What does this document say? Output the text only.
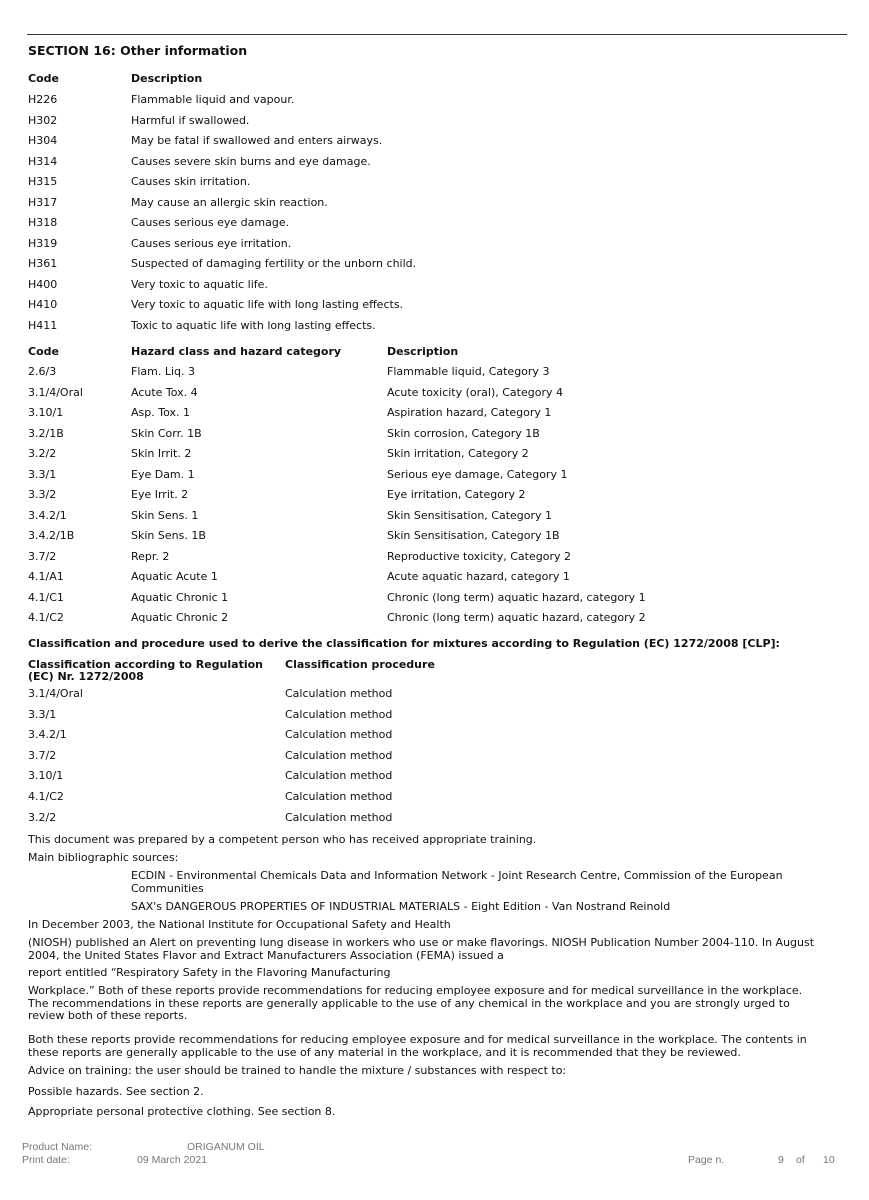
SECTION 16: Other information
Code	Description
H226	Flammable liquid and vapour.
H302	Harmful if swallowed.
H304	May be fatal if swallowed and enters airways.
H314	Causes severe skin burns and eye damage.
H315	Causes skin irritation.
H317	May cause an allergic skin reaction.
H318	Causes serious eye damage.
H319	Causes serious eye irritation.
H361	Suspected of damaging fertility or the unborn child.
H400	Very toxic to aquatic life.
H410	Very toxic to aquatic life with long lasting effects.
H411	Toxic to aquatic life with long lasting effects.
Code	Hazard class and hazard category	Description
2.6/3	Flam. Liq. 3	Flammable liquid, Category 3
3.1/4/Oral	Acute Tox. 4	Acute toxicity (oral), Category 4
3.10/1	Asp. Tox. 1	Aspiration hazard, Category 1
3.2/1B	Skin Corr. 1B	Skin corrosion, Category 1B
3.2/2	Skin Irrit. 2	Skin irritation, Category 2
3.3/1	Eye Dam. 1	Serious eye damage, Category 1
3.3/2	Eye Irrit. 2	Eye irritation, Category 2
3.4.2/1	Skin Sens. 1	Skin Sensitisation, Category 1
3.4.2/1B	Skin Sens. 1B	Skin Sensitisation, Category 1B
3.7/2	Repr. 2	Reproductive toxicity, Category 2
4.1/A1	Aquatic Acute 1	Acute aquatic hazard, category 1
4.1/C1	Aquatic Chronic 1	Chronic (long term) aquatic hazard, category 1
4.1/C2	Aquatic Chronic 2	Chronic (long term) aquatic hazard, category 2
Classification and procedure used to derive the classification for mixtures according to Regulation (EC) 1272/2008 [CLP]:
Classification according to Regulation (EC) Nr. 1272/2008
Classification procedure
3.1/4/Oral	Calculation method
3.3/1	Calculation method
3.4.2/1	Calculation method
3.7/2	Calculation method
3.10/1	Calculation method
4.1/C2	Calculation method
3.2/2	Calculation method
This document was prepared by a competent person who has received appropriate training.
Main bibliographic sources:
ECDIN - Environmental Chemicals Data and Information Network - Joint Research Centre, Commission of the European Communities
SAX's DANGEROUS PROPERTIES OF INDUSTRIAL MATERIALS - Eight Edition - Van Nostrand Reinold
In December 2003, the National Institute for Occupational Safety and Health
(NIOSH) published an Alert on preventing lung disease in workers who use or make flavorings. NIOSH Publication Number 2004-110. In August 2004, the United States Flavor and Extract Manufacturers Association (FEMA) issued a
report entitled “Respiratory Safety in the Flavoring Manufacturing
Workplace.” Both of these reports provide recommendations for reducing employee exposure and for medical surveillance in the workplace. The recommendations in these reports are generally applicable to the use of any chemical in the workplace and you are strongly urged to review both of these reports.
Both these reports provide recommendations for reducing employee exposure and for medical surveillance in the workplace. The contents in these reports are generally applicable to the use of any material in the workplace, and it is recommended that they be reviewed.
Advice on training: the user should be trained to handle the mixture / substances with respect to:
Possible hazards. See section 2.
Appropriate personal protective clothing. See section 8.
Product Name:	ORIGANUM OIL
Print date:	09 March 2021	Page n.	9 of 10
